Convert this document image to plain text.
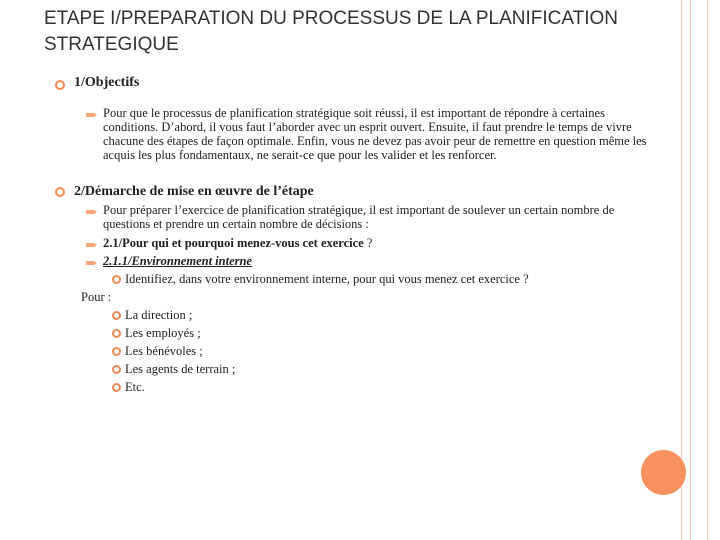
ETAPE I/PREPARATION DU PROCESSUS DE LA PLANIFICATION STRATEGIQUE
1/Objectifs
Pour que le processus de planification stratégique soit réussi, il est important de répondre à certaines conditions. D’abord, il vous faut l’aborder avec un esprit ouvert. Ensuite, il faut prendre le temps de vivre chacune des étapes de façon optimale. Enfin, vous ne devez pas avoir peur de remettre en question même les acquis les plus fondamentaux, ne serait-ce que pour les valider et les renforcer.
2/Démarche de mise en œuvre de l’étape
Pour préparer l’exercice de planification stratégique, il est important de soulever un certain nombre de questions et prendre un certain nombre de décisions :
2.1/Pour qui et pourquoi menez-vous cet exercice ?
2.1.1/Environnement interne
Identifiez, dans votre environnement interne, pour qui vous menez cet exercice ?
Pour :
La direction ;
Les employés ;
Les bénévoles ;
Les agents de terrain ;
Etc.
